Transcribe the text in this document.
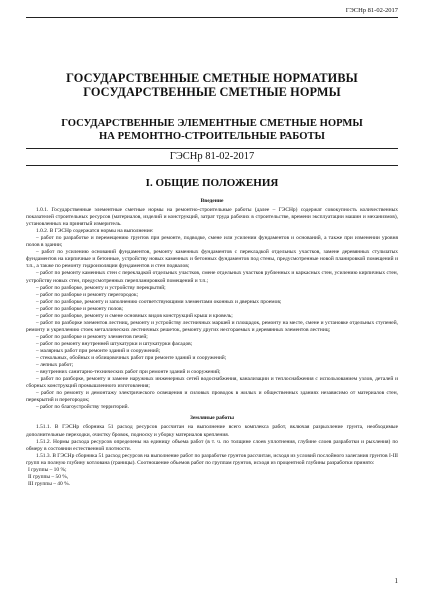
ГЭСНр 81-02-2017
ГОСУДАРСТВЕННЫЕ СМЕТНЫЕ НОРМАТИВЫ
ГОСУДАРСТВЕННЫЕ СМЕТНЫЕ НОРМЫ
ГОСУДАРСТВЕННЫЕ ЭЛЕМЕНТНЫЕ СМЕТНЫЕ НОРМЫ
НА РЕМОНТНО-СТРОИТЕЛЬНЫЕ РАБОТЫ
ГЭСНр 81-02-2017
I. ОБЩИЕ ПОЛОЖЕНИЯ
Введение

1.0.1. Государственные элементные сметные нормы на ремонтно-строительные работы (далее – ГЭСНр) содержат совокупность количественных показателей строительных ресурсов (материалов, изделий и конструкций, затрат труда рабочих в строительстве, времени эксплуатации машин и механизмов), установленных на принятый измеритель.

1.0.2. В ГЭСНр содержатся нормы на выполнение:

– работ по разработке и перемещению грунтов при ремонте, подводке, смене или усилении фундаментов и оснований, а также при изменении уровня полов в здании;

– работ по усилению оснований фундаментов, ремонту каменных фундаментов с перекладкой отдельных участков, замене деревянных стульчатых фундаментов на кирпичные и бетонные, устройству новых каменных и бетонных фундаментов под стены, предусмотренные новой планировкой помещений и т.п., а также по ремонту гидроизоляции фундаментов и стен подвалов;

– работ по ремонту каменных стен с перекладкой отдельных участков, смене отдельных участков рубленных и каркасных стен, усилению кирпичных стен, устройству новых стен, предусмотренных перепланировкой помещений и т.п.;

– работ по разборке, ремонту и устройству перекрытий;

– работ по разборке и ремонту перегородок;

– работ по разборке, ремонту и заполнению соответствующими элементами оконных и дверных проемов;

– работ по разборке и ремонту полов;

– работ по разборке, ремонту и смене основных видов конструкций крыш и кровель;

– работ по разборке элементов лестниц, ремонту и устройству лестничных маршей и площадок, ремонту на месте, смене и установке отдельных ступеней, ремонту и укреплению стоек металлических лестничных решеток, ремонту других несгораемых и деревянных элементов лестниц;

– работ по разборке и ремонту элементов печей;

– работ по ремонту внутренней штукатурки и штукатурки фасадов;

– малярных работ при ремонте зданий и сооружений;

– стекольных, обойных и облицовочных работ при ремонте зданий и сооружений;

– лепных работ;

– внутренних санитарно-технических работ при ремонте зданий и сооружений;

– работ по разборке, ремонту и замене наружных инженерных сетей водоснабжения, канализации и теплоснабжения с использованием узлов, деталей и сборных конструкций промышленного изготовления;

– работ по ремонту и демонтажу электрического освещения и силовых проводок в жилых и общественных зданиях независимо от материалов стен, перекрытий и перегородок;

– работ по благоустройству территорий.

Земляные работы

1.51.1. В ГЭСНр сборника 51 расход ресурсов рассчитан на выполнение всего комплекса работ, включая разрыхление грунта, необходимые дополнительные переходки, очистку бровок, подноску и уборку материалов крепления.

1.51.2. Нормы расхода ресурсов определены на единицу объема работ (в т. ч. по толщине слоев уплотнения, глубине слоев разработки и рыхления) по обмеру в состоянии естественной плотности.

1.51.3. В ГЭСНр сборника 51 расход ресурсов на выполнение работ по разработке грунтов рассчитан, исходя из условий послойного залегания грунтов I-III групп на полную глубину котлована (границы). Соотношение объемов работ по группам грунтов, исходя из процентной глубины разработки принято:

I группы – 10 %;
II группы – 50 %,
III группы – 40 %.
1
